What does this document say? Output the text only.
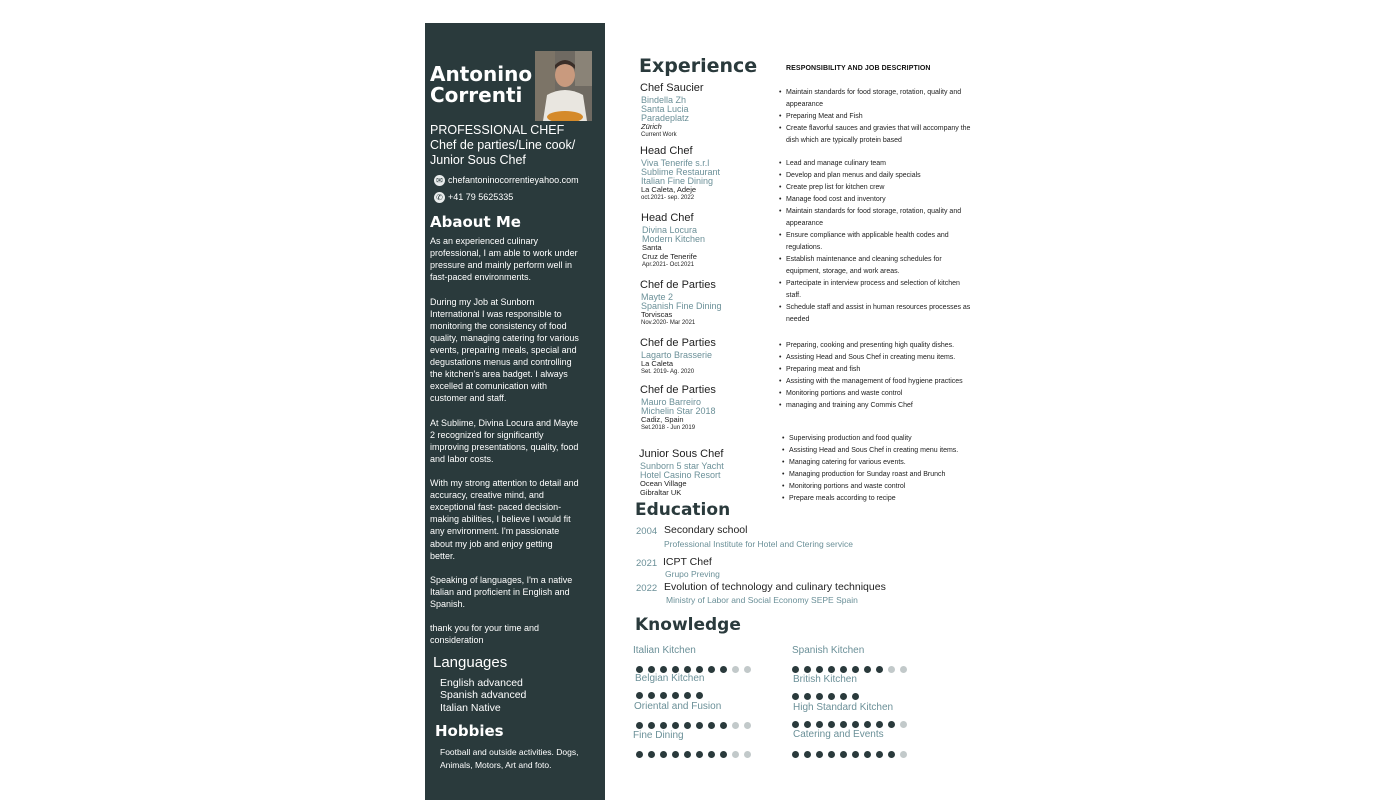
Antonino
Correnti
PROFESSIONAL CHEF
Chef de parties/Line cook/
Junior Sous Chef
✉ chefantoninocorrentieyahoo.com
✆ +41 79 5625335
Abaout Me
As an experienced culinary
professional, I am able to work under
pressure and mainly perform well in
fast-paced environments.
During my Job at Sunborn
International I was responsible to
monitoring the consistency of food
quality, managing catering for various
events, preparing meals, special and
degustations menus and controlling
the kitchen's area badget. I always
excelled at comunication with
customer and staff.
At Sublime, Divina Locura and Mayte
2 recognized for significantly
improving presentations, quality, food
and labor costs.
With my strong attention to detail and
accuracy, creative mind, and
exceptional fast- paced decision-
making abilities, I believe I would fit
any environment. I'm passionate
about my job and enjoy getting
better.
Speaking of languages, I'm a native
Italian and proficient in English and
Spanish.
thank you for your time and
consideration
Languages
English advanced
Spanish advanced
Italian Native
Hobbies
Football and outside activities. Dogs,
Animals, Motors, Art and foto.
Experience	RESPONSIBILITY AND JOB DESCRIPTION
Chef Saucier
Bindella Zh
Santa Lucia
Paradeplatz
Zürich
Current Work
Head Chef
Viva Tenerife s.r.l
Sublime Restaurant
Italian Fine Dining
La Caleta, Adeje
oct.2021- sep. 2022
Head Chef
Divina Locura
Modern Kitchen
Santa
Cruz de Tenerife
Apr.2021- Oct.2021
Chef de Parties
Mayte 2
Spanish Fine Dining
Torviscas
Nov.2020- Mar 2021
Chef de Parties
Lagarto Brasserie
La Caleta
Set. 2019- Ag. 2020
Chef de Parties
Mauro Barreiro
Michelin Star 2018
Cadiz, Spain
Set.2018 - Jun 2019
Junior Sous Chef
Sunborn 5 star Yacht
Hotel Casino Resort
Ocean Village
Gibraltar UK
• Maintain standards for food storage, rotation, quality and appearance
• Preparing Meat and Fish
• Create flavorful sauces and gravies that will accompany the dish which are typically protein based
• Lead and manage culinary team
• Develop and plan menus and daily specials
• Create prep list for kitchen crew
• Manage food cost and inventory
• Maintain standards for food storage, rotation, quality and appearance
• Ensure compliance with applicable health codes and regulations.
• Establish maintenance and cleaning schedules for equipment, storage, and work areas.
• Partecipate in interview process and selection of kitchen staff.
• Schedule staff and assist in human resources processes as needed
• Preparing, cooking and presenting high quality dishes.
• Assisting Head and Sous Chef in creating menu items.
• Preparing meat and fish
• Assisting with the management of food hygiene practices
• Monitoring portions and waste control
• managing and training any Commis Chef
• Supervising production and food quality
• Assisting Head and Sous Chef in creating menu items.
• Managing catering for various events.
• Managing production for Sunday roast and Brunch
• Monitoring portions and waste control
• Prepare meals according to recipe
Education
2004 Secondary school
Professional Institute for Hotel and Ctering service
2021 ICPT Chef
Grupo Preving
2022 Evolution of technology and culinary techniques
Ministry of Labor and Social Economy SEPE Spain
Knowledge
Italian Kitchen
Belgian Kitchen
Oriental and Fusion
Fine Dining
Spanish Kitchen
British Kitchen
High Standard Kitchen
Catering and Events
